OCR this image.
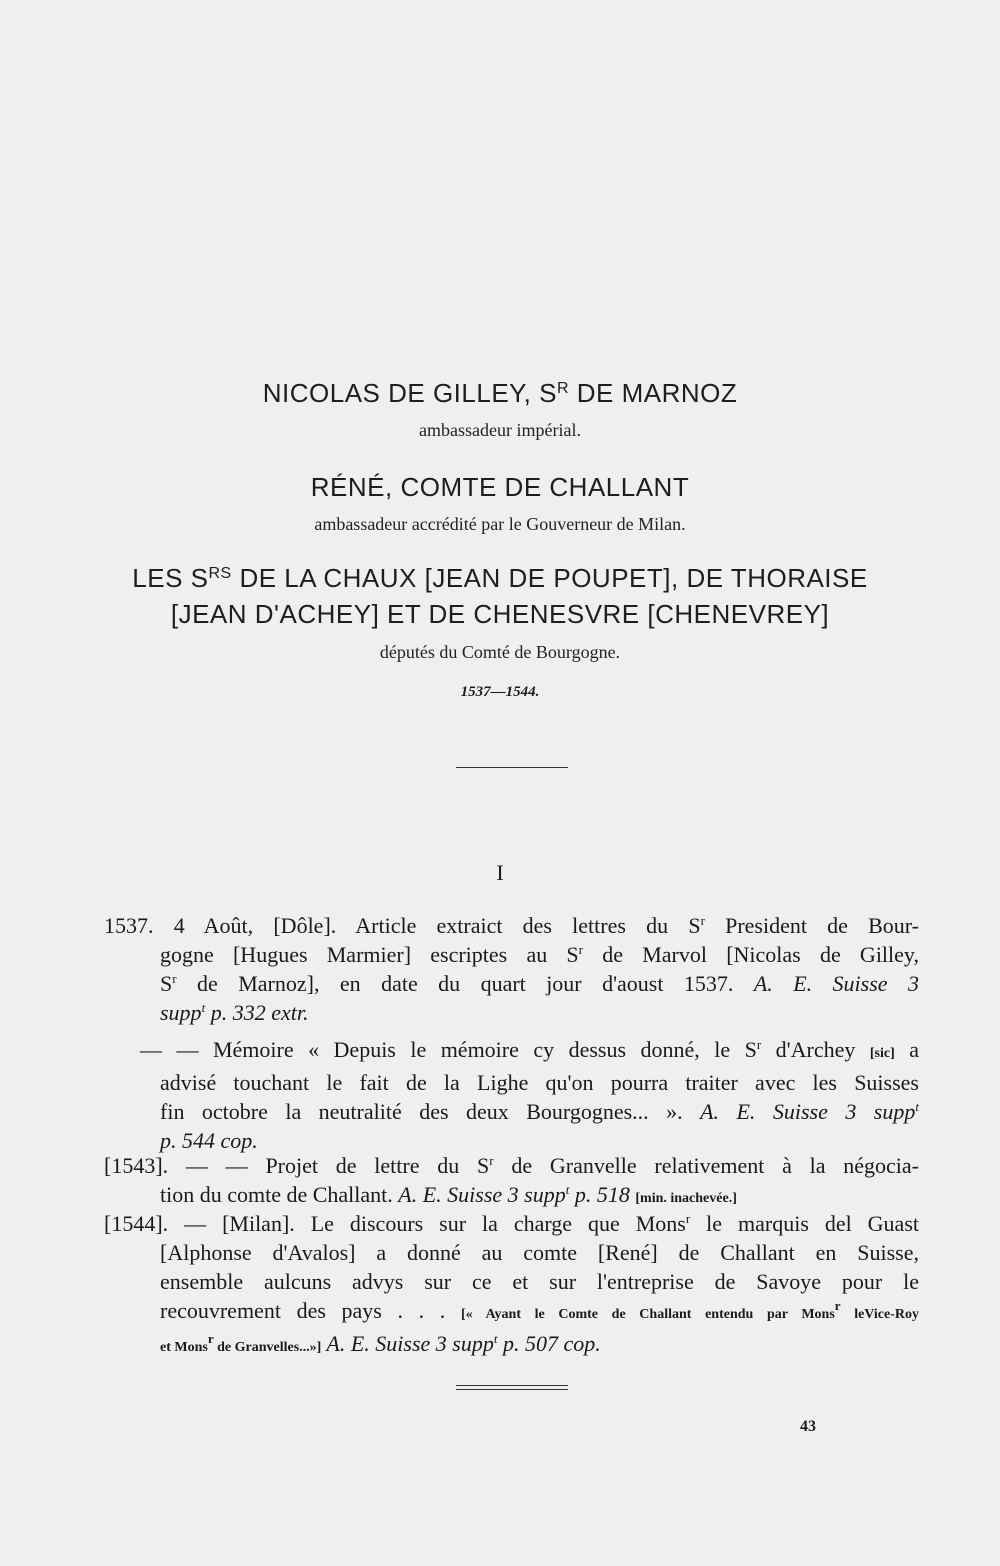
NICOLAS DE GILLEY, $S^R$ DE MARNOZ
ambassadeur impérial.
RÉNÉ, COMTE DE CHALLANT
ambassadeur accrédité par le Gouverneur de Milan.
LES $S^{RS}$ DE LA CHAUX [JEAN DE POUPET], DE THORAISE
[JEAN D'ACHEY] ET DE CHENESVRE [CHENEVREY]
députés du Comté de Bourgogne.
1537—1544.
I
1537. 4 Août, [Dôle]. Article extraict des lettres du $S^r$ President de Bour-
gogne [Hugues Marmier] escriptes au $S^r$ de Marvol [Nicolas de Gilley,
$S^r$ de Marnoz], en date du quart jour d'aoust 1537. A. E. Suisse 3
supp$^t$ p. 332 extr.
— — Mémoire « Depuis le mémoire cy dessus donné, le $S^r$ d'Archey [sic] a
advisé touchant le fait de la Lighe qu'on pourra traiter avec les Suisses
fin octobre la neutralité des deux Bourgognes... ». A. E. Suisse 3 supp$^t$
p. 544 cop.
[1543]. — — Projet de lettre du $S^r$ de Granvelle relativement à la négocia-
tion du comte de Challant. A. E. Suisse 3 supp$^t$ p. 518 [min. inachevée.]
[1544]. — [Milan]. Le discours sur la charge que Mons$^r$ le marquis del Guast
[Alphonse d'Avalos] a donné au comte [René] de Challant en Suisse,
ensemble aulcuns advys sur ce et sur l'entreprise de Savoye pour le
recouvrement des pays . . . [« Ayant le Comte de Challant entendu par Mons$^r$ leVice-Roy
et Mons$^r$ de Granvelles...»] A. E. Suisse 3 supp$^t$ p. 507 cop.
43
